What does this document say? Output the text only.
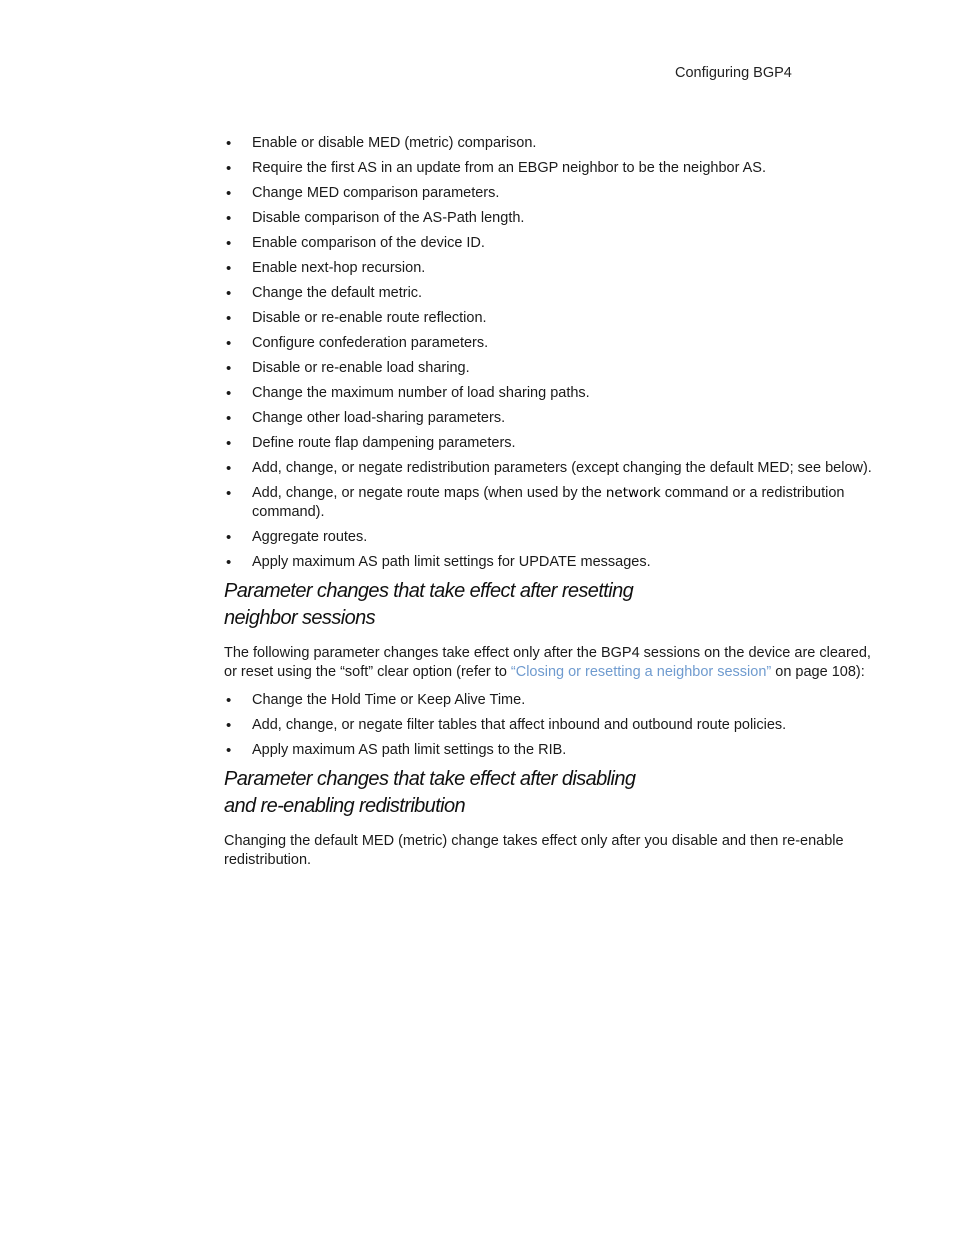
Configuring BGP4
• Enable or disable MED (metric) comparison.
• Require the first AS in an update from an EBGP neighbor to be the neighbor AS.
• Change MED comparison parameters.
• Disable comparison of the AS-Path length.
• Enable comparison of the device ID.
• Enable next-hop recursion.
• Change the default metric.
• Disable or re-enable route reflection.
• Configure confederation parameters.
• Disable or re-enable load sharing.
• Change the maximum number of load sharing paths.
• Change other load-sharing parameters.
• Define route flap dampening parameters.
• Add, change, or negate redistribution parameters (except changing the default MED; see below).
• Add, change, or negate route maps (when used by the network command or a redistribution command).
• Aggregate routes.
• Apply maximum AS path limit settings for UPDATE messages.
Parameter changes that take effect after resetting
neighbor sessions

The following parameter changes take effect only after the BGP4 sessions on the device are cleared, or reset using the “soft” clear option (refer to “Closing or resetting a neighbor session” on page 108):

• Change the Hold Time or Keep Alive Time.
• Add, change, or negate filter tables that affect inbound and outbound route policies.
• Apply maximum AS path limit settings to the RIB.
Parameter changes that take effect after disabling
and re-enabling redistribution

Changing the default MED (metric) change takes effect only after you disable and then re-enable redistribution.
